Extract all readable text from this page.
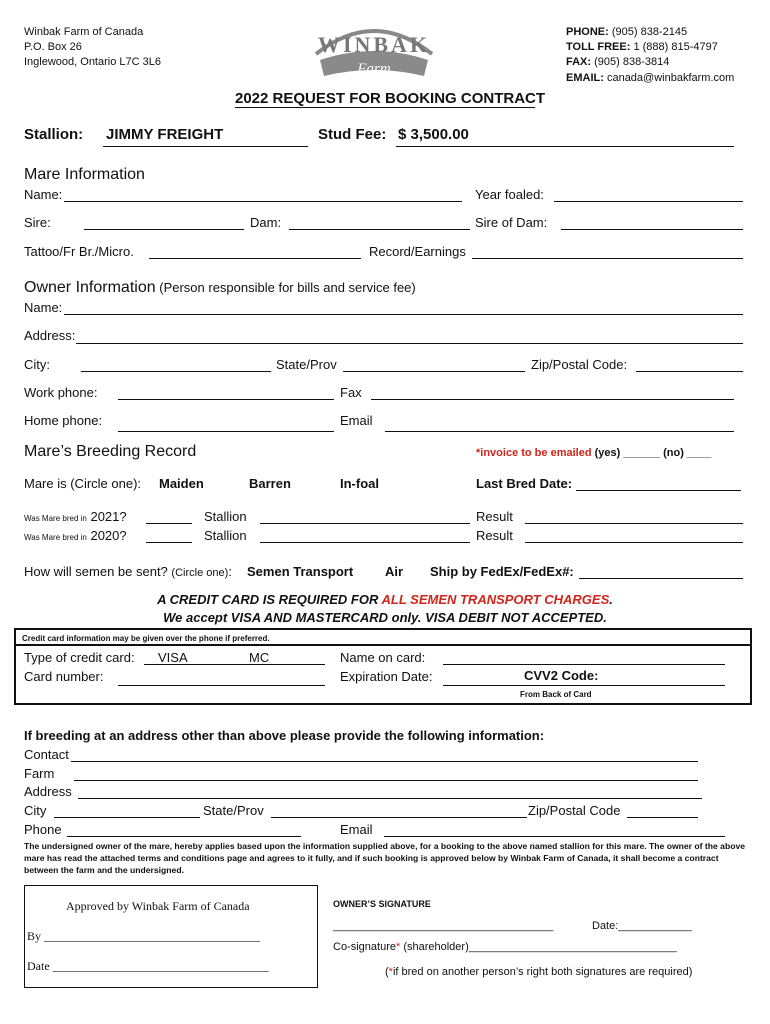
Winbak Farm of Canada
P.O. Box 26
Inglewood, Ontario L7C 3L6
WINBAK
Farm
PHONE: (905) 838-2145
TOLL FREE: 1 (888) 815-4797
FAX: (905) 838-3814
EMAIL: canada@winbakfarm.com
2022 REQUEST FOR BOOKING CONTRACT
Stallion: JIMMY FREIGHT	Stud Fee: $ 3,500.00
Mare Information
Name:	Year foaled:
Sire:	Dam:	Sire of Dam:
Tattoo/Fr Br./Micro.	Record/Earnings
Owner Information (Person responsible for bills and service fee)
Name:
Address:
City:	State/Prov	Zip/Postal Code:
Work phone:	Fax
Home phone:	Email
Mare’s Breeding Record	*invoice to be emailed (yes) ______ (no) ____
Mare is (Circle one): Maiden	Barren	In-foal	Last Bred Date:
Was Mare bred in 2021?	Stallion	Result
Was Mare bred in 2020?	Stallion	Result
How will semen be sent? (Circle one): Semen Transport Air Ship by FedEx/FedEx#:
A CREDIT CARD IS REQUIRED FOR ALL SEMEN TRANSPORT CHARGES.
We accept VISA AND MASTERCARD only. VISA DEBIT NOT ACCEPTED.
Credit card information may be given over the phone if preferred.
Type of credit card: VISA	MC	Name on card:
Card number:	Expiration Date:	CVV2 Code:
From Back of Card
If breeding at an address other than above please provide the following information:
Contact
Farm
Address
City	State/Prov	Zip/Postal Code
Phone	Email
The undersigned owner of the mare, hereby applies based upon the information supplied above, for a booking to the above named stallion for this mare. The owner of the above mare has read the attached terms and conditions page and agrees to it fully, and if such booking is approved below by Winbak Farm of Canada, it shall become a contract between the farm and the undersigned.
Approved by Winbak Farm of Canada
By ____________________________________
Date ____________________________________
OWNER’S SIGNATURE
____________________________________	Date:____________
Co-signature* (shareholder)__________________________________
(*if bred on another person’s right both signatures are required)
